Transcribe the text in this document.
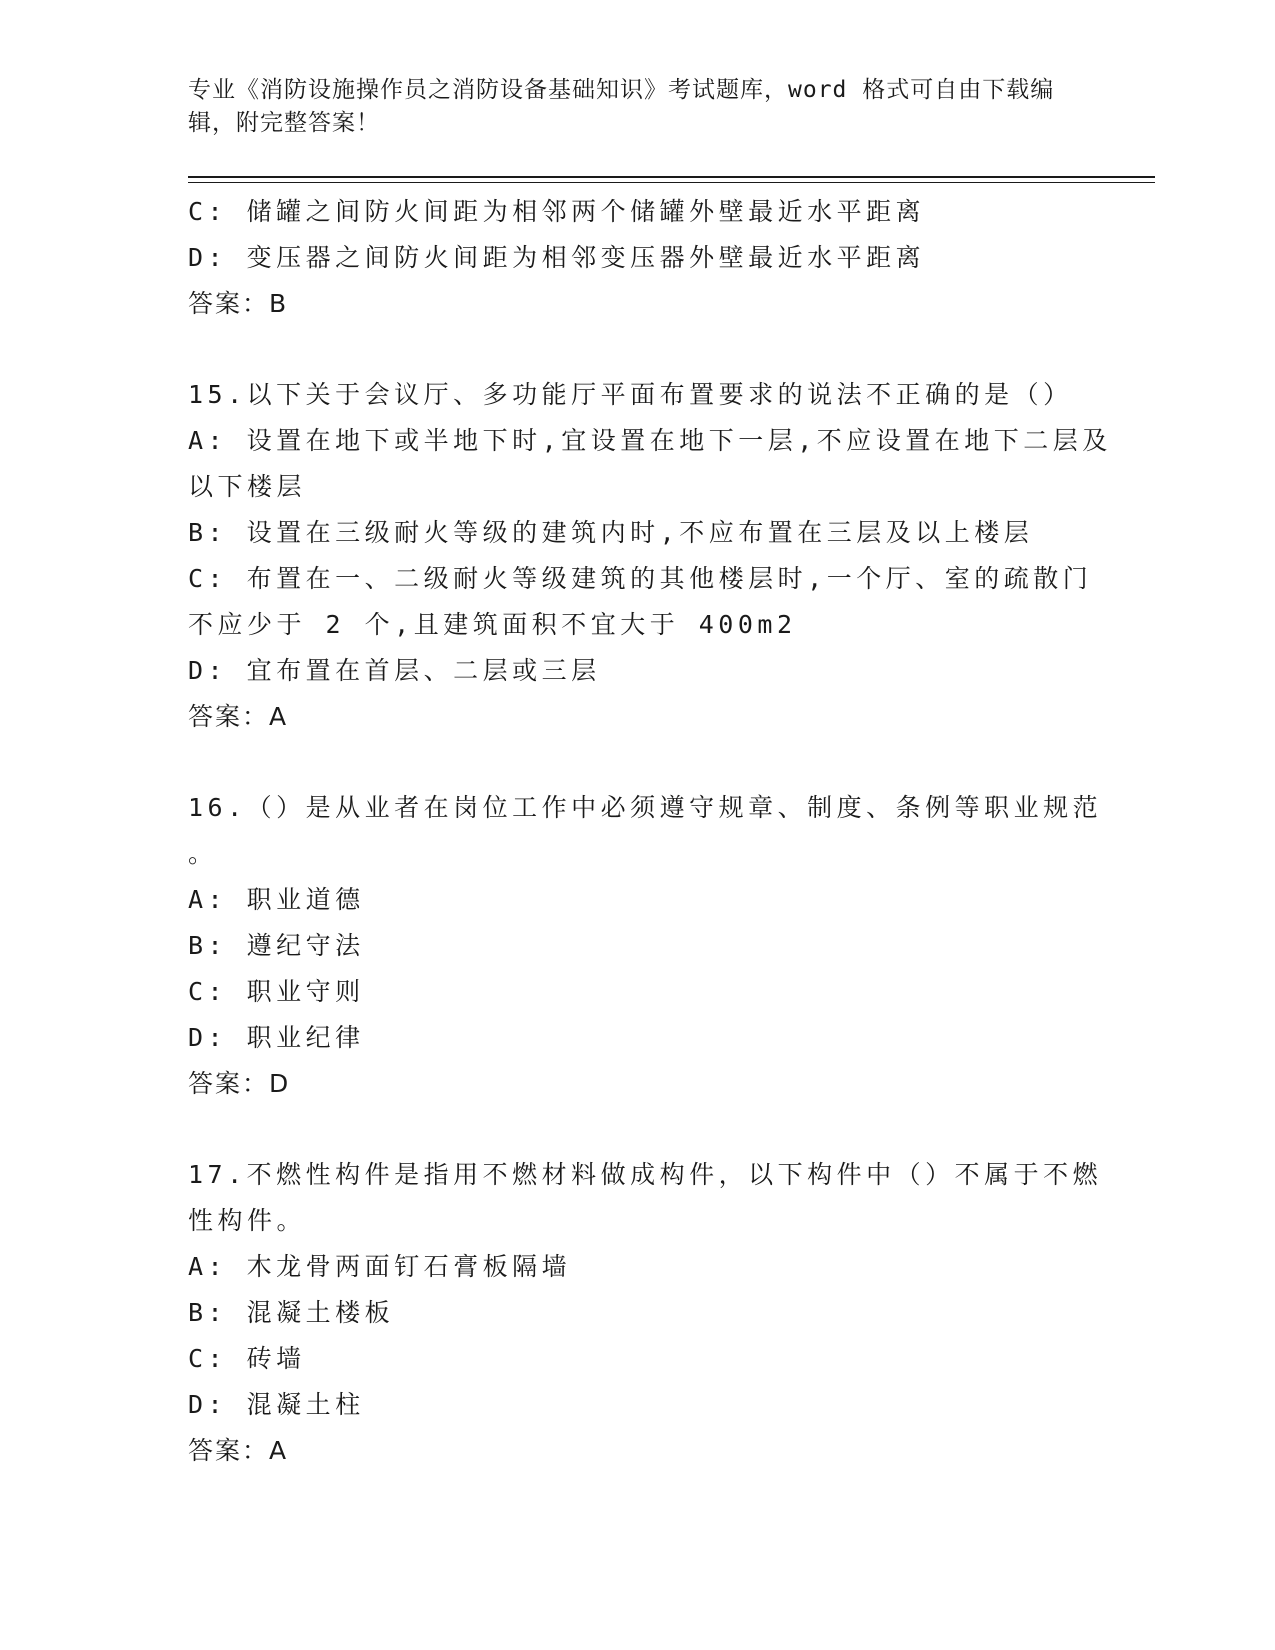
专业《消防设施操作员之消防设备基础知识》考试题库，word 格式可自由下载编辑，附完整答案！
C: 储罐之间防火间距为相邻两个储罐外壁最近水平距离
D: 变压器之间防火间距为相邻变压器外壁最近水平距离
答案：B
15.以下关于会议厅、多功能厅平面布置要求的说法不正确的是（）
A: 设置在地下或半地下时,宜设置在地下一层,不应设置在地下二层及
以下楼层
B: 设置在三级耐火等级的建筑内时,不应布置在三层及以上楼层
C: 布置在一、二级耐火等级建筑的其他楼层时,一个厅、室的疏散门
不应少于 2 个,且建筑面积不宜大于 400m2
D: 宜布置在首层、二层或三层
答案：A
16.（）是从业者在岗位工作中必须遵守规章、制度、条例等职业规范
。
A: 职业道德
B: 遵纪守法
C: 职业守则
D: 职业纪律
答案：D
17.不燃性构件是指用不燃材料做成构件，以下构件中（）不属于不燃
性构件。
A: 木龙骨两面钉石膏板隔墙
B: 混凝土楼板
C: 砖墙
D: 混凝土柱
答案：A
